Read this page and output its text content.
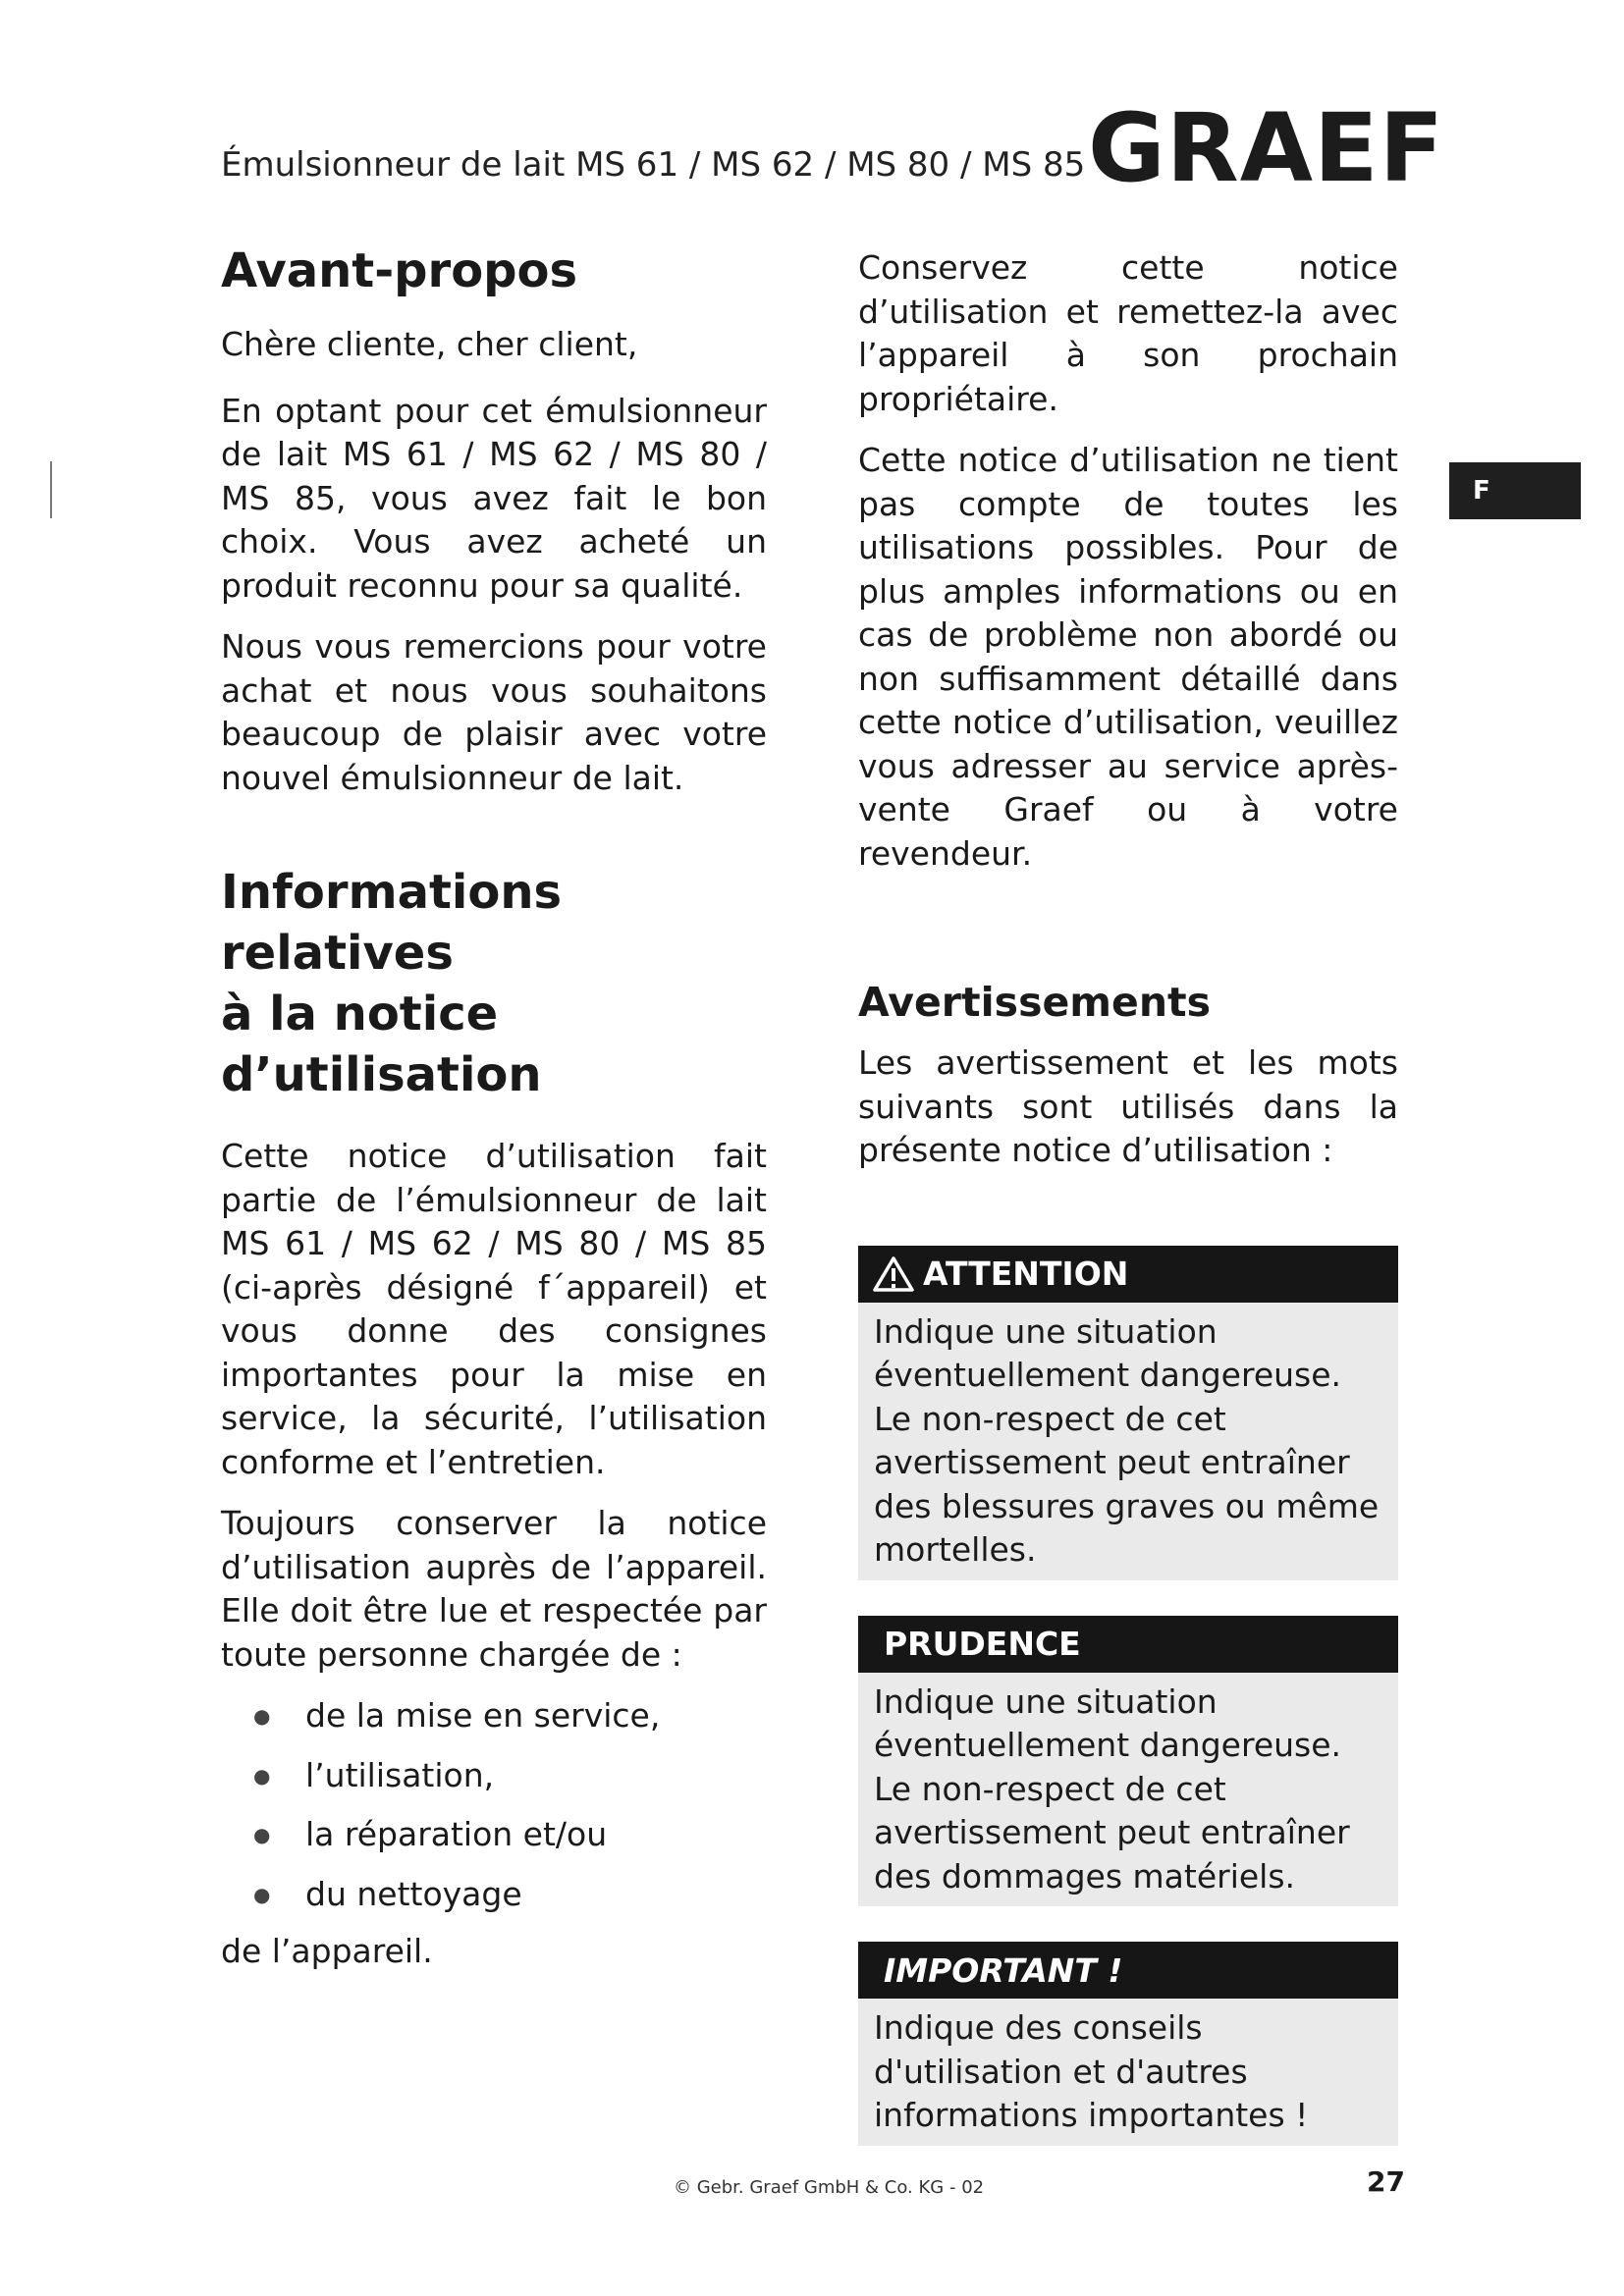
Émulsionneur de lait MS 61 / MS 62 / MS 80 / MS 85 GRAEF
F
Avant-propos

Chère cliente, cher client,

En optant pour cet émulsionneur de lait MS 61 / MS 62 / MS 80 / MS 85, vous avez fait le bon choix. Vous avez acheté un produit reconnu pour sa qualité.

Nous vous remercions pour votre achat et nous vous souhaitons beaucoup de plaisir avec votre nouvel émulsionneur de lait.

Informations relatives
à la notice d’utilisation

Cette notice d’utilisation fait partie de l’émulsionneur de lait MS 61 / MS 62 / MS 80 / MS 85 (ci-après désigné f´appareil) et vous donne des consignes importantes pour la mise en service, la sécurité, l’utilisation conforme et l’entretien.

Toujours conserver la notice d’utilisation auprès de l’appareil. Elle doit être lue et respectée par toute personne chargée de :

● de la mise en service,
● l’utilisation,
● la réparation et/ou
● du nettoyage

de l’appareil.

Conservez cette notice d’utilisation et remettez-la avec l’appareil à son prochain propriétaire.

Cette notice d’utilisation ne tient pas compte de toutes les utilisations possibles. Pour de plus amples informations ou en cas de problème non abordé ou non suffisamment détaillé dans cette notice d’utilisation, veuillez vous adresser au service après-vente Graef ou à votre revendeur.

Avertissements

Les avertissement et les mots suivants sont utilisés dans la présente notice d’utilisation :

ATTENTION
Indique une situation éventuellement dangereuse. Le non-respect de cet avertissement peut entraîner des blessures graves ou même mortelles.
PRUDENCE
Indique une situation éventuellement dangereuse. Le non-respect de cet avertissement peut entraîner des dommages matériels.
IMPORTANT !
Indique des conseils d'utilisation et d'autres informations importantes !
© Gebr. Graef GmbH & Co. KG - 02	27
